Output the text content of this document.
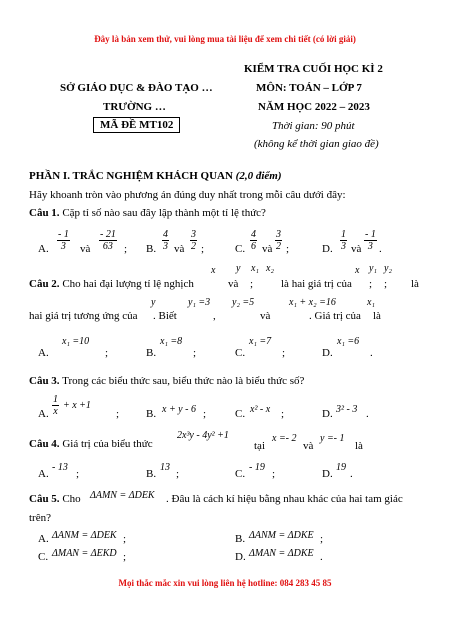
Đây là bản xem thử, vui lòng mua tài liệu để xem chi tiết (có lời giải)
SỞ GIÁO DỤC & ĐÀO TẠO …
TRƯỜNG …
MÃ ĐỀ MT102
KIỂM TRA CUỐI HỌC KÌ 2
MÔN: TOÁN – LỚP 7
NĂM HỌC 2022 – 2023
Thời gian: 90 phút
(không kể thời gian giao đề)
PHẦN I. TRẮC NGHIỆM KHÁCH QUAN (2,0 điểm)
Hãy khoanh tròn vào phương án đúng duy nhất trong mỗi câu dưới đây:
Câu 1. Cặp tỉ số nào sau đây lập thành một tỉ lệ thức?
A. $\frac{- 1}{3}$ và $\frac{- 21}{63}$ ; B. $\frac{4}{3}$ và $\frac{3}{2}$ ;	C. $\frac{4}{6}$ và $\frac{3}{2}$ ;	D. $\frac{1}{3}$ và $\frac{- 1}{3}$ .
x y x₁ x₂	x y₁ y₂
Câu 2. Cho hai đại lượng tỉ lệ nghịch	và ;	là hai giá trị của ; ; là
y	y₁ =3 y₂ =5	x₁ + x₂ =16	x₁
hai giá trị tương ứng của . Biết	,	và	. Giá trị của là
x₁ =10	x₁ =8	x₁ =7	x₁ =6
A.	;	B.	;	C.	;	D.	.
Câu 3. Trong các biểu thức sau, biểu thức nào là biểu thức số?
A. $\frac{1}{x} + x +1$
; B. x + y - 6 ;	C. x² - x ;	D. 3² - 3 .
Câu 4. Giá trị của biểu thức
2x³y - 4y² +1
tại
x =- 2
và
y =- 1
là
A.
- 13
;	B.
13
;	C.
- 19
;	D.
19
.
Câu 5. Cho ΔAMN = ΔDEK . Đâu là cách kí hiệu bằng nhau khác của hai tam giác
trên?
A. ΔANM = ΔDEK ;	B. ΔANM = ΔDKE ;
C. ΔMAN = ΔEKD ;	D. ΔMAN = ΔDKE .
Mọi thắc mắc xin vui lòng liên hệ hotline: 084 283 45 85
